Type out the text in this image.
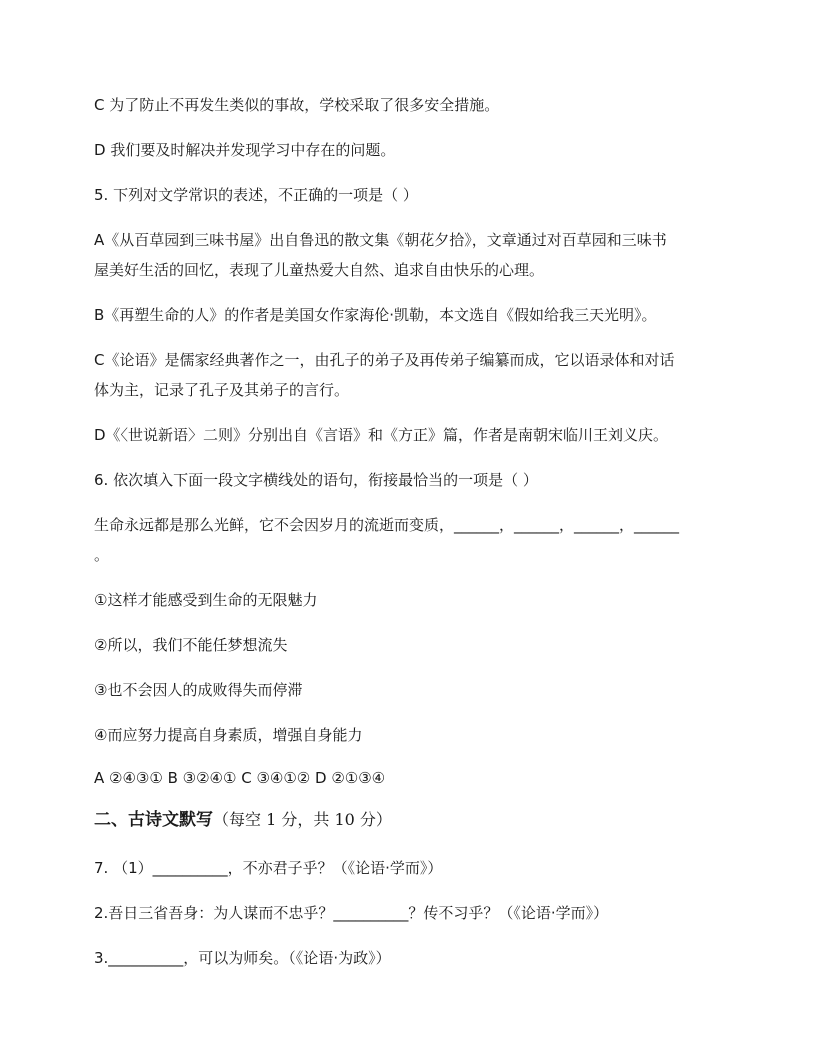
C 为了防止不再发生类似的事故，学校采取了很多安全措施。
D 我们要及时解决并发现学习中存在的问题。
5. 下列对文学常识的表述，不正确的一项是（ ）
A《从百草园到三味书屋》出自鲁迅的散文集《朝花夕拾》，文章通过对百草园和三味书
屋美好生活的回忆，表现了儿童热爱大自然、追求自由快乐的心理。
B《再塑生命的人》的作者是美国女作家海伦·凯勒，本文选自《假如给我三天光明》。
C《论语》是儒家经典著作之一，由孔子的弟子及再传弟子编纂而成，它以语录体和对话
体为主，记录了孔子及其弟子的言行。
D《〈世说新语〉二则》分别出自《言语》和《方正》篇，作者是南朝宋临川王刘义庆。
6. 依次填入下面一段文字横线处的语句，衔接最恰当的一项是（ ）
生命永远都是那么光鲜，它不会因岁月的流逝而变质，______，______，______，______
。
①这样才能感受到生命的无限魅力
②所以，我们不能任梦想流失
③也不会因人的成败得失而停滞
④而应努力提高自身素质，增强自身能力
A ②④③① B ③②④① C ③④①② D ②①③④
二、古诗文默写（每空 1 分，共 10 分）
7. （1）__________，不亦君子乎？（《论语·学而》）
2.吾日三省吾身：为人谋而不忠乎？__________？传不习乎？（《论语·学而》）
3.__________，可以为师矣。（《论语·为政》）
